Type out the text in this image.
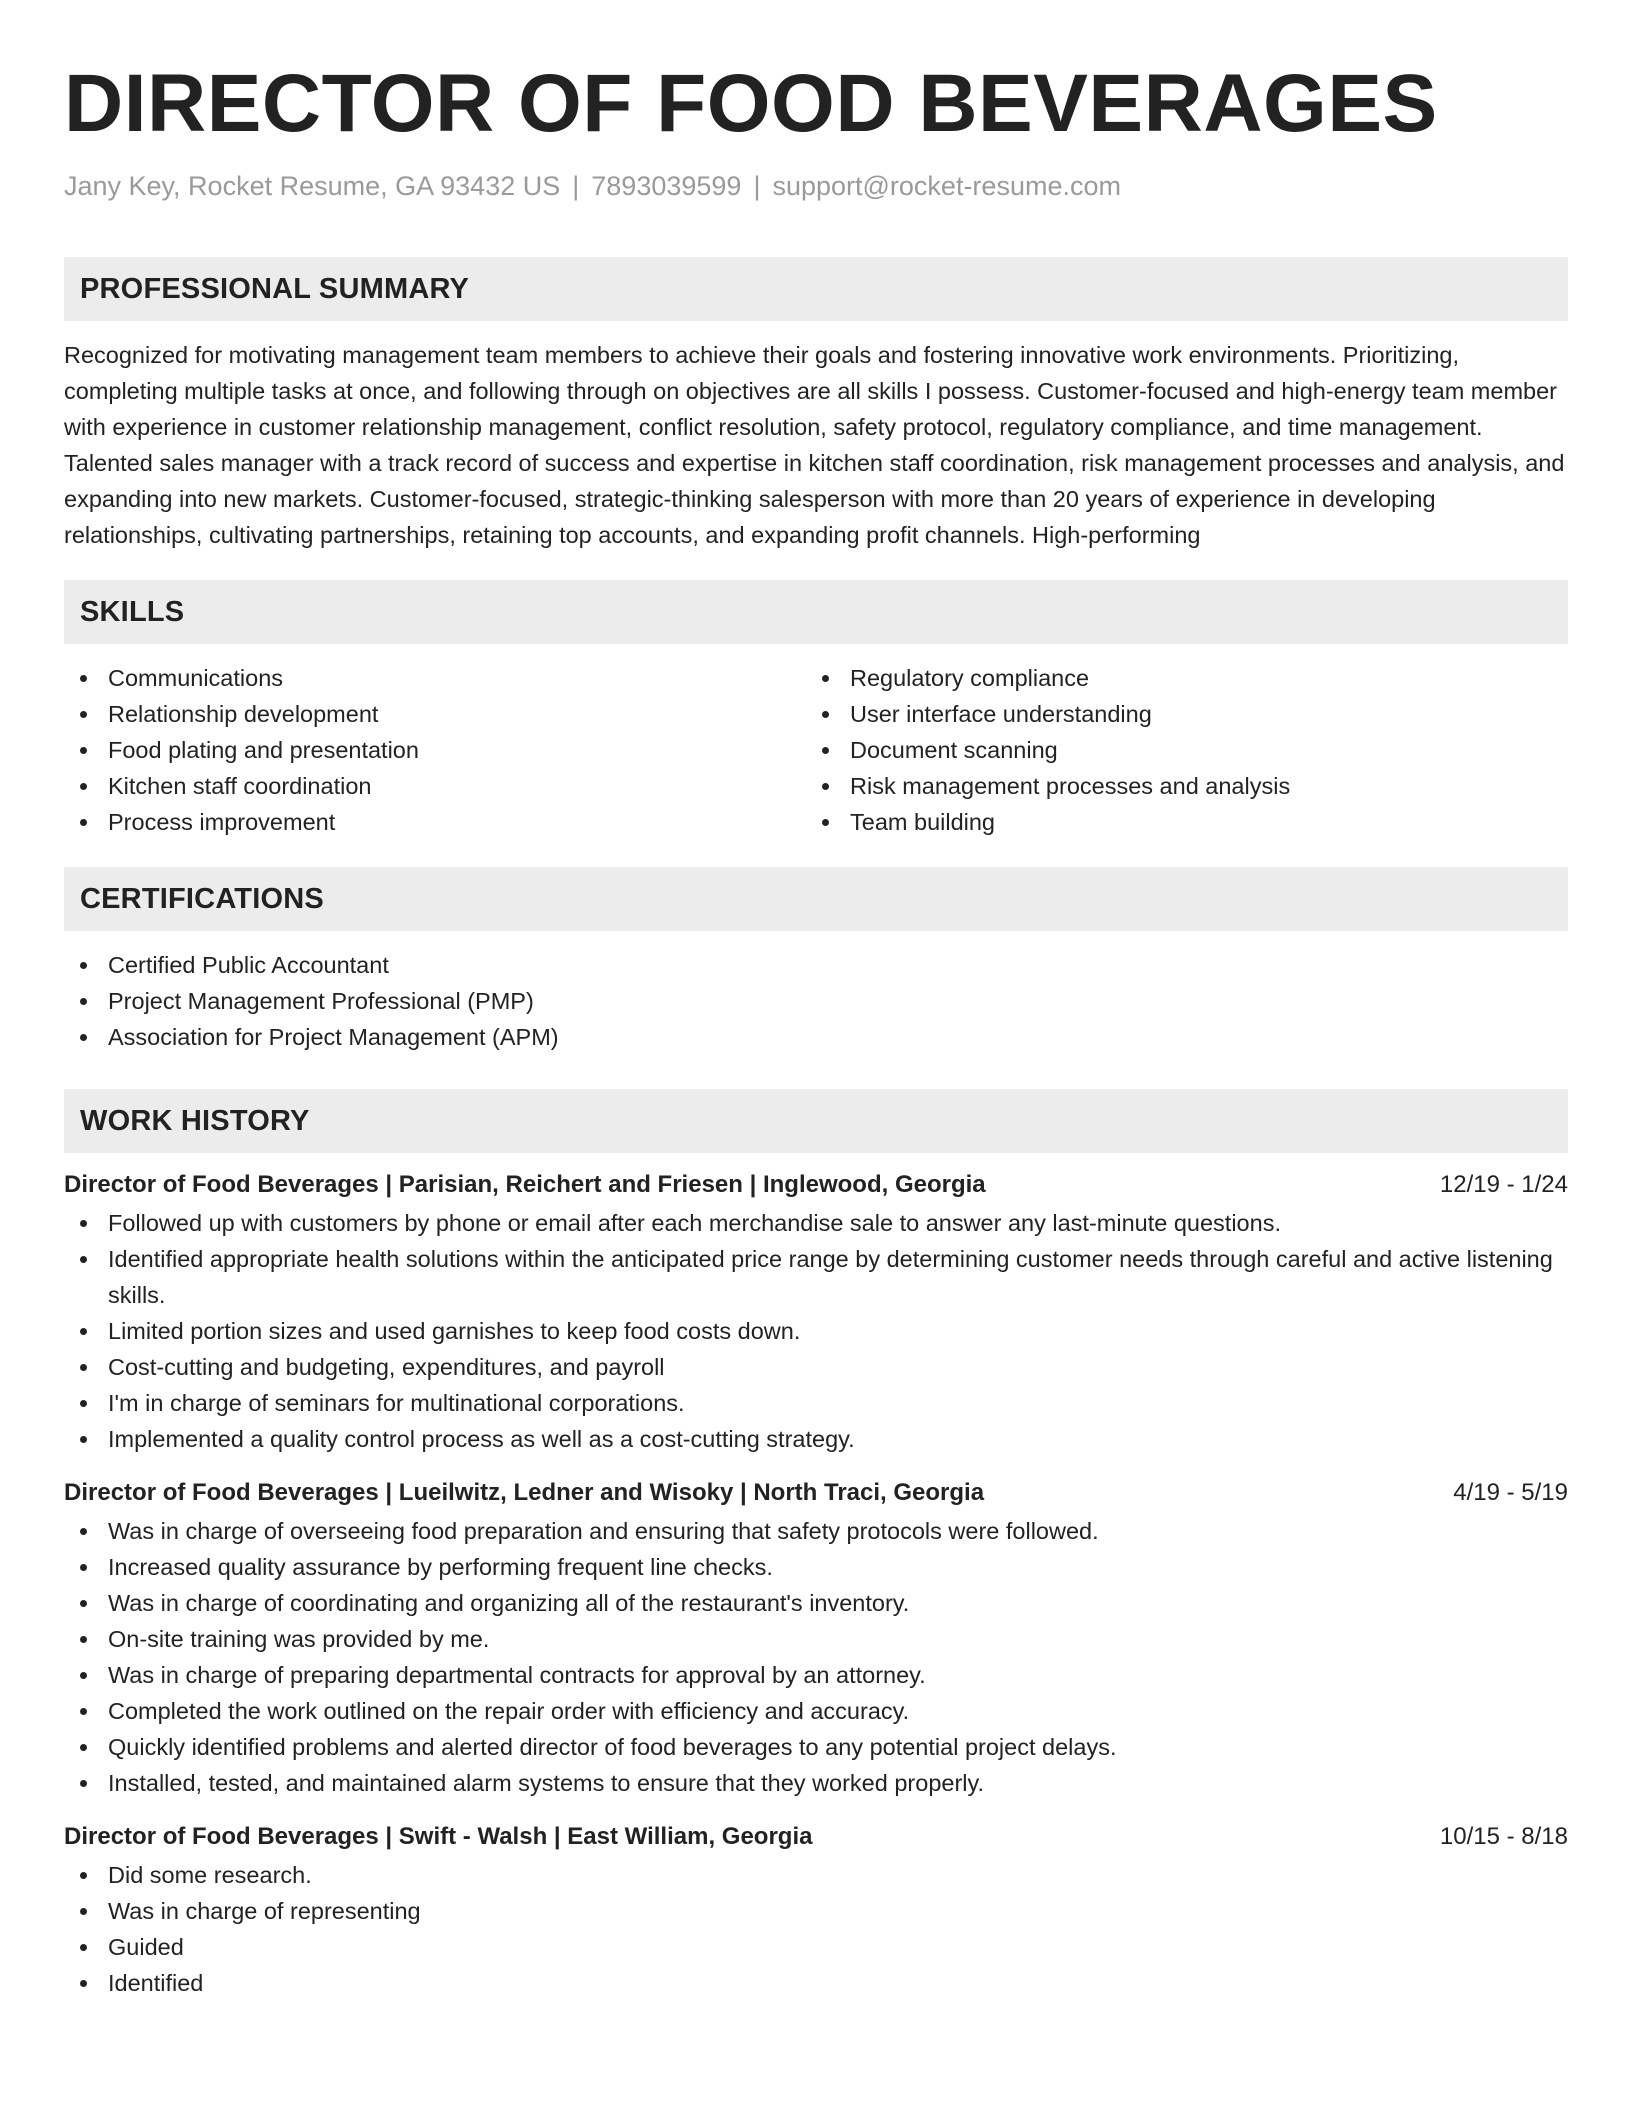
DIRECTOR OF FOOD BEVERAGES
Jany Key, Rocket Resume, GA 93432 US | 7893039599 | support@rocket-resume.com
PROFESSIONAL SUMMARY

Recognized for motivating management team members to achieve their goals and fostering innovative work environments. Prioritizing, completing multiple tasks at once, and following through on objectives are all skills I possess. Customer-focused and high-energy team member with experience in customer relationship management, conflict resolution, safety protocol, regulatory compliance, and time management. Talented sales manager with a track record of success and expertise in kitchen staff coordination, risk management processes and analysis, and expanding into new markets. Customer-focused, strategic-thinking salesperson with more than 20 years of experience in developing relationships, cultivating partnerships, retaining top accounts, and expanding profit channels. High-performing

SKILLS
Communications
Relationship development
Food plating and presentation
Kitchen staff coordination
Process improvement
Regulatory compliance
User interface understanding
Document scanning
Risk management processes and analysis
Team building
CERTIFICATIONS
Certified Public Accountant
Project Management Professional (PMP)
Association for Project Management (APM)
WORK HISTORY
Director of Food Beverages | Parisian, Reichert and Friesen | Inglewood, Georgia	12/19 - 1/24
Followed up with customers by phone or email after each merchandise sale to answer any last-minute questions.
Identified appropriate health solutions within the anticipated price range by determining customer needs through careful and active listening skills.
Limited portion sizes and used garnishes to keep food costs down.
Cost-cutting and budgeting, expenditures, and payroll
I'm in charge of seminars for multinational corporations.
Implemented a quality control process as well as a cost-cutting strategy.
Director of Food Beverages | Lueilwitz, Ledner and Wisoky | North Traci, Georgia	4/19 - 5/19
Was in charge of overseeing food preparation and ensuring that safety protocols were followed.
Increased quality assurance by performing frequent line checks.
Was in charge of coordinating and organizing all of the restaurant's inventory.
On-site training was provided by me.
Was in charge of preparing departmental contracts for approval by an attorney.
Completed the work outlined on the repair order with efficiency and accuracy.
Quickly identified problems and alerted director of food beverages to any potential project delays.
Installed, tested, and maintained alarm systems to ensure that they worked properly.
Director of Food Beverages | Swift - Walsh | East William, Georgia	10/15 - 8/18
Did some research.
Was in charge of representing
Guided
Identified
